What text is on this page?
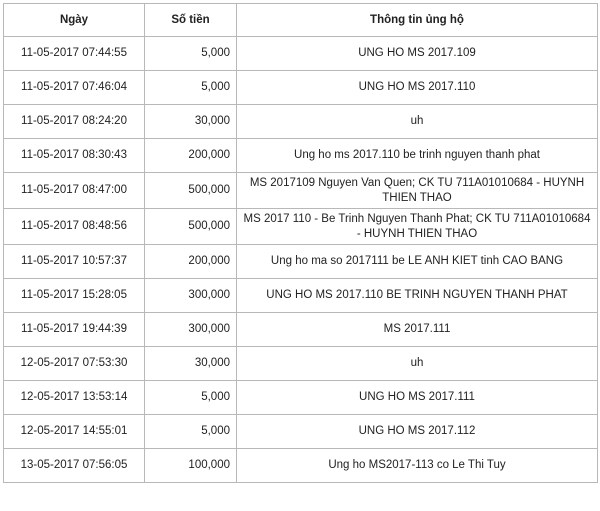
Ngày	Số tiền	Thông tin ủng hộ
11-05-2017 07:44:55	5,000	UNG HO MS 2017.109
11-05-2017 07:46:04	5,000	UNG HO MS 2017.110
11-05-2017 08:24:20	30,000	uh
11-05-2017 08:30:43	200,000	Ung ho ms 2017.110 be trinh nguyen thanh phat
11-05-2017 08:47:00	500,000	MS 2017109 Nguyen Van Quen; CK TU 711A01010684 - HUYNH THIEN THAO
11-05-2017 08:48:56	500,000	MS 2017 110 - Be Trinh Nguyen Thanh Phat; CK TU 711A01010684 - HUYNH THIEN THAO
11-05-2017 10:57:37	200,000	Ung ho ma so 2017111 be LE ANH KIET tinh CAO BANG
11-05-2017 15:28:05	300,000	UNG HO MS 2017.110 BE TRINH NGUYEN THANH PHAT
11-05-2017 19:44:39	300,000	MS 2017.111
12-05-2017 07:53:30	30,000	uh
12-05-2017 13:53:14	5,000	UNG HO MS 2017.111
12-05-2017 14:55:01	5,000	UNG HO MS 2017.112
13-05-2017 07:56:05	100,000	Ung ho MS2017-113 co Le Thi Tuy
